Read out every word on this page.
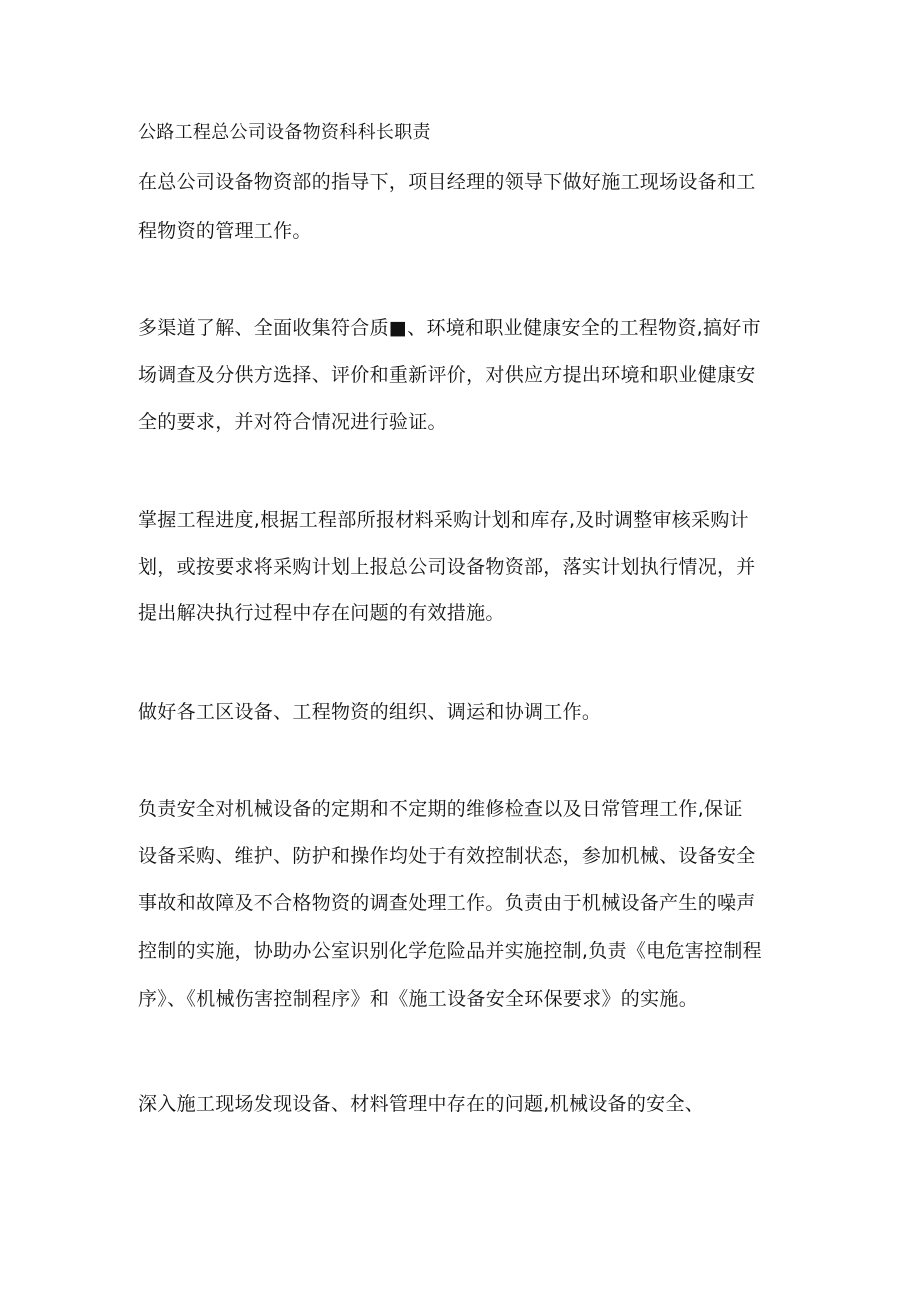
公路工程总公司设备物资科科长职责
在总公司设备物资部的指导下，项目经理的领导下做好施工现场设备和工
程物资的管理工作。
多渠道了解、全面收集符合质■、环境和职业健康安全的工程物资,搞好市
场调查及分供方选择、评价和重新评价，对供应方提出环境和职业健康安
全的要求，并对符合情况进行验证。
掌握工程进度,根据工程部所报材料采购计划和库存,及时调整审核采购计
划，或按要求将采购计划上报总公司设备物资部，落实计划执行情况，并
提出解决执行过程中存在问题的有效措施。
做好各工区设备、工程物资的组织、调运和协调工作。
负责安全对机械设备的定期和不定期的维修检查以及日常管理工作,保证
设备采购、维护、防护和操作均处于有效控制状态，参加机械、设备安全
事故和故障及不合格物资的调查处理工作。负责由于机械设备产生的噪声
控制的实施，协助办公室识别化学危险品并实施控制,负责《电危害控制程
序》、《机械伤害控制程序》和《施工设备安全环保要求》的实施。
深入施工现场发现设备、材料管理中存在的问题,机械设备的安全、
